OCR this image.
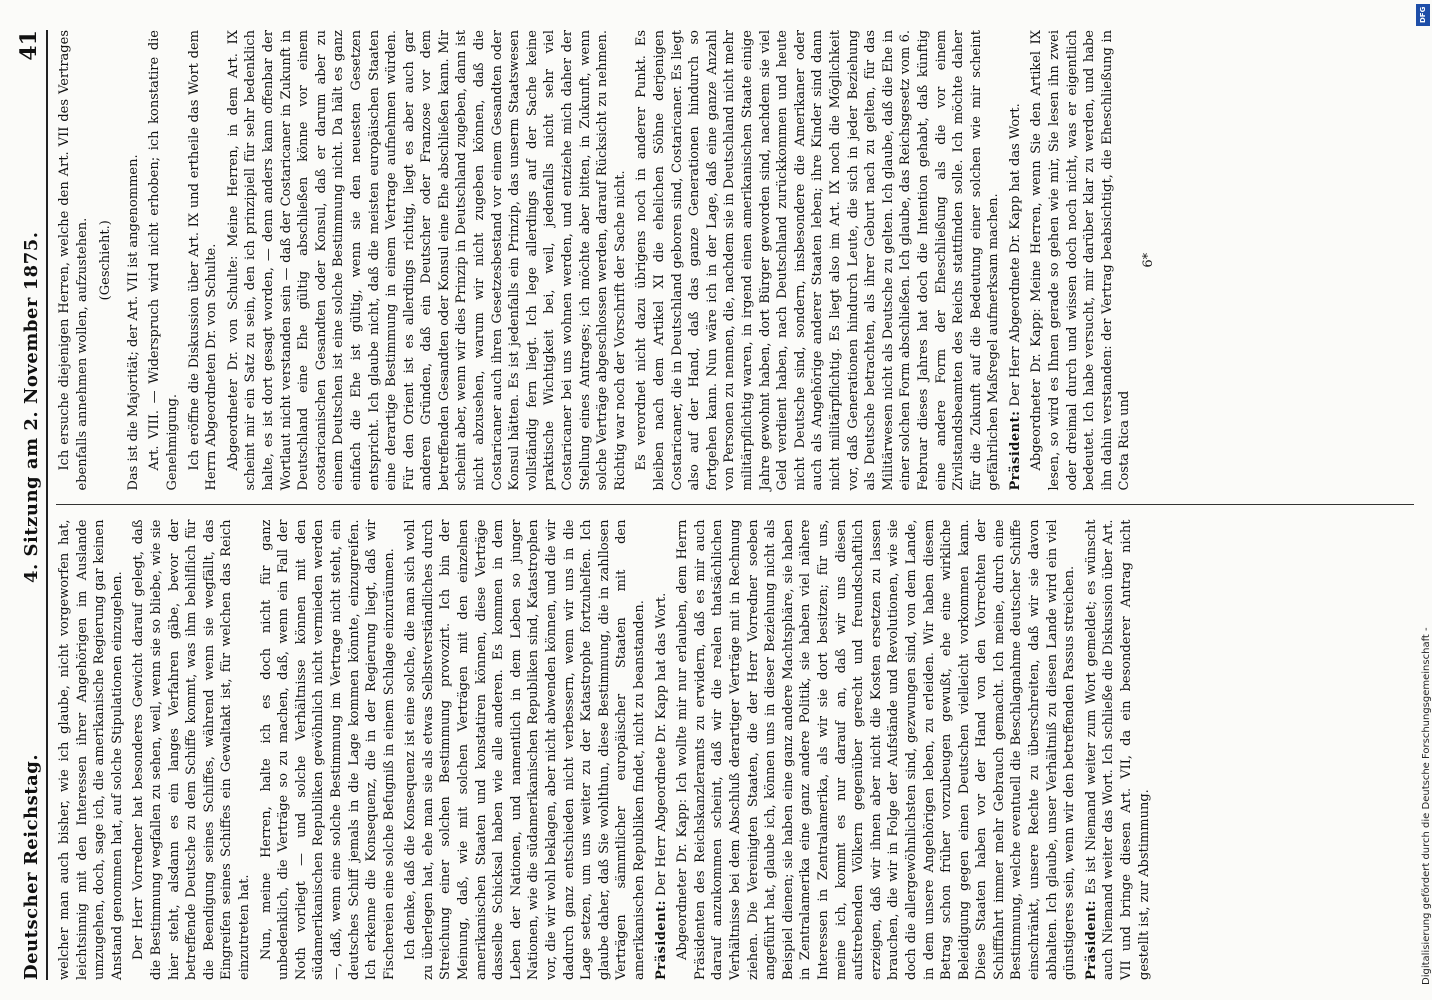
Deutscher Reichstag.
4. Sitzung am 2. November 1875.
41

welcher man auch bisher, wie ich glaube, nicht vorgeworfen hat, leichtsinnig mit den Interessen ihrer Angehörigen im Auslande umzugehen, doch, sage ich, die amerikanische Regierung gar keinen Anstand genommen hat, auf solche Stipulationen einzugehen. Der Herr Vorredner hat besonderes Gewicht darauf gelegt, daß die Bestimmung wegfallen zu sehen, weil, wenn sie so bliebe, wie sie hier steht, alsdann es ein langes Verfahren gäbe, bevor der betreffende Deutsche zu dem Schiffe kommt, was ihm behilflich für die Beendigung seines Schiffes, während wenn sie wegfällt, das Eingreifen seines Schiffes ein Gewaltakt ist, für welchen das Reich einzutreten hat. Nun, meine Herren, halte ich es doch nicht für ganz unbedenklich, die Verträge so zu machen, daß, wenn ein Fall der Noth vorliegt — und solche Verhältnisse können mit den südamerikanischen Republiken gewöhnlich nicht vermieden werden —, daß, wenn eine solche Bestimmung im Vertrage nicht steht, ein deutsches Schiff jemals in die Lage kommen könnte, einzugreifen. Ich erkenne die Konsequenz, die in der Regierung liegt, daß wir Fischereien eine solche Befugniß in einem Schlage einzuräumen. Ich denke, daß die Konsequenz ist eine solche, die man sich wohl zu überlegen hat, ehe man sie als etwas Selbstverständliches durch Streichung einer solchen Bestimmung provozirt. Ich bin der Meinung, daß, wie mit solchen Verträgen mit den einzelnen amerikanischen Staaten und konstatiren können, diese Verträge dasselbe Schicksal haben wie alle anderen. Es kommen in dem Leben der Nationen, und namentlich in dem Leben so junger Nationen, wie die südamerikanischen Republiken sind, Katastrophen vor, die wir wohl beklagen, aber nicht abwenden können, und die wir dadurch ganz entschieden nicht verbessern, wenn wir uns in die Lage setzen, um uns weiter zu der Katastrophe fortzuhelfen. Ich glaube daher, daß Sie wohlthun, diese Bestimmung, die in zahllosen Verträgen sämmtlicher europäischer Staaten mit den amerikanischen Republiken findet, nicht zu beanstanden. Präsident: Der Herr Abgeordnete Dr. Kapp hat das Wort. Abgeordneter Dr. Kapp: Ich wollte mir nur erlauben, dem Herrn Präsidenten des Reichskanzleramts zu erwidern, daß es mir auch darauf anzukommen scheint, daß wir die realen thatsächlichen Verhältnisse bei dem Abschluß derartiger Verträge mit in Rechnung ziehen. Die Vereinigten Staaten, die der Herr Vorredner soeben angeführt hat, glaube ich, können uns in dieser Beziehung nicht als Beispiel dienen; sie haben eine ganz andere Machtsphäre, sie haben in Zentralamerika eine ganz andere Politik, sie haben viel nähere Interessen in Zentralamerika, als wir sie dort besitzen; für uns, meine ich, kommt es nur darauf an, daß wir uns diesen aufstrebenden Völkern gegenüber gerecht und freundschaftlich erzeigen, daß wir ihnen aber nicht die Kosten ersetzen zu lassen brauchen, die wir in Folge der Aufstände und Revolutionen, wie sie doch die allergewöhnlichsten sind, gezwungen sind, von dem Lande, in dem unsere Angehörigen leben, zu erleiden. Wir haben diesem Betrag schon früher vorzubeugen gewußt, ehe eine wirkliche Beleidigung gegen einen Deutschen vielleicht vorkommen kann. Diese Staaten haben vor der Hand von den Vorrechten der Schifffahrt immer mehr Gebrauch gemacht. Ich meine, durch eine Bestimmung, welche eventuell die Beschlagnahme deutscher Schiffe einschränkt, unsere Rechte zu überschreiten, daß wir sie davon abhalten. Ich glaube, unser Verhältniß zu diesen Lande wird ein viel günstigeres sein, wenn wir den betreffenden Passus streichen. Präsident: Es ist Niemand weiter zum Wort gemeldet; es wünscht auch Niemand weiter das Wort. Ich schließe die Diskussion über Art. VII und bringe diesen Art. VII, da ein besonderer Antrag nicht gestellt ist, zur Abstimmung.

Ich ersuche diejenigen Herren, welche den Art. VII des Vertrages ebenfalls annehmen wollen, aufzustehen. (Geschieht.) Das ist die Majorität; der Art. VII ist angenommen. Art. VIII. — Widerspruch wird nicht erhoben; ich konstatire die Genehmigung. Ich eröffne die Diskussion über Art. IX und ertheile das Wort dem Herrn Abgeordneten Dr. von Schulte. Abgeordneter Dr. von Schulte: Meine Herren, in dem Art. IX scheint mir ein Satz zu sein, den ich prinzipiell für sehr bedenklich halte, es ist dort gesagt worden, — denn anders kann offenbar der Wortlaut nicht verstanden sein — daß der Costaricaner in Zukunft in Deutschland eine Ehe gültig abschließen könne vor einem costaricanischen Gesandten oder Konsul, daß er darum aber zu einem Deutschen ist eine solche Bestimmung nicht. Da hält es ganz einfach die Ehe ist gültig, wenn sie den neuesten Gesetzen entspricht. Ich glaube nicht, daß die meisten europäischen Staaten eine derartige Bestimmung in einem Vertrage aufnehmen würden. Für den Orient ist es allerdings richtig, liegt es aber auch gar anderen Gründen, daß ein Deutscher oder Franzose vor dem betreffenden Gesandten oder Konsul eine Ehe abschließen kann. Mir scheint aber, wenn wir dies Prinzip in Deutschland zugeben, dann ist nicht abzusehen, warum wir nicht zugeben können, daß die Costaricaner auch ihren Gesetzesbestand vor einem Gesandten oder Konsul hätten. Es ist jedenfalls ein Prinzip, das unserm Staatswesen vollständig fern liegt. Ich lege allerdings auf der Sache keine praktische Wichtigkeit bei, weil, jedenfalls nicht sehr viel Costaricaner bei uns wohnen werden, und entziehe mich daher der Stellung eines Antrages; ich möchte aber bitten, in Zukunft, wenn solche Verträge abgeschlossen werden, darauf Rücksicht zu nehmen. Richtig war noch der Vorschrift der Sache nicht. Es verordnet nicht dazu übrigens noch in anderer Punkt. Es bleiben nach dem Artikel XI die ehelichen Söhne derjenigen Costaricaner, die in Deutschland geboren sind, Costaricaner. Es liegt also auf der Hand, daß das ganze Generationen hindurch so fortgehen kann. Nun wäre ich in der Lage, daß eine ganze Anzahl von Personen zu nennen, die, nachdem sie in Deutschland nicht mehr militärpflichtig waren, in irgend einen amerikanischen Staate einige Jahre gewohnt haben, dort Bürger geworden sind, nachdem sie viel Geld verdient haben, nach Deutschland zurückkommen und heute nicht Deutsche sind, sondern, insbesondere die Amerikaner oder auch als Angehörige anderer Staaten leben; ihre Kinder sind dann nicht militärpflichtig. Es liegt also im Art. IX noch die Möglichkeit vor, daß Generationen hindurch Leute, die sich in jeder Beziehung als Deutsche betrachten, als ihrer Geburt nach zu gelten, für das Militärwesen nicht als Deutsche zu gelten. Ich glaube, daß die Ehe in einer solchen Form abschließen. Ich glaube, das Reichsgesetz vom 6. Februar dieses Jahres hat doch die Intention gehabt, daß künftig eine andere Form der Eheschließung als die vor einem Zivilstandsbeamten des Reichs stattfinden solle. Ich möchte daher für die Zukunft auf die Bedeutung einer solchen wie mir scheint gefährlichen Maßregel aufmerksam machen. Präsident: Der Herr Abgeordnete Dr. Kapp hat das Wort. Abgeordneter Dr. Kapp: Meine Herren, wenn Sie den Artikel IX lesen, so wird es Ihnen gerade so gehen wie mir, Sie lesen ihn zwei oder dreimal durch und wissen doch noch nicht, was er eigentlich bedeutet. Ich habe versucht, mir darüber klar zu werden, und habe ihn dahin verstanden: der Vertrag beabsichtigt, die Eheschließung in Costa Rica und

6*

DFG
Digitalisierung gefördert durch die Deutsche Forschungsgemeinschaft -
